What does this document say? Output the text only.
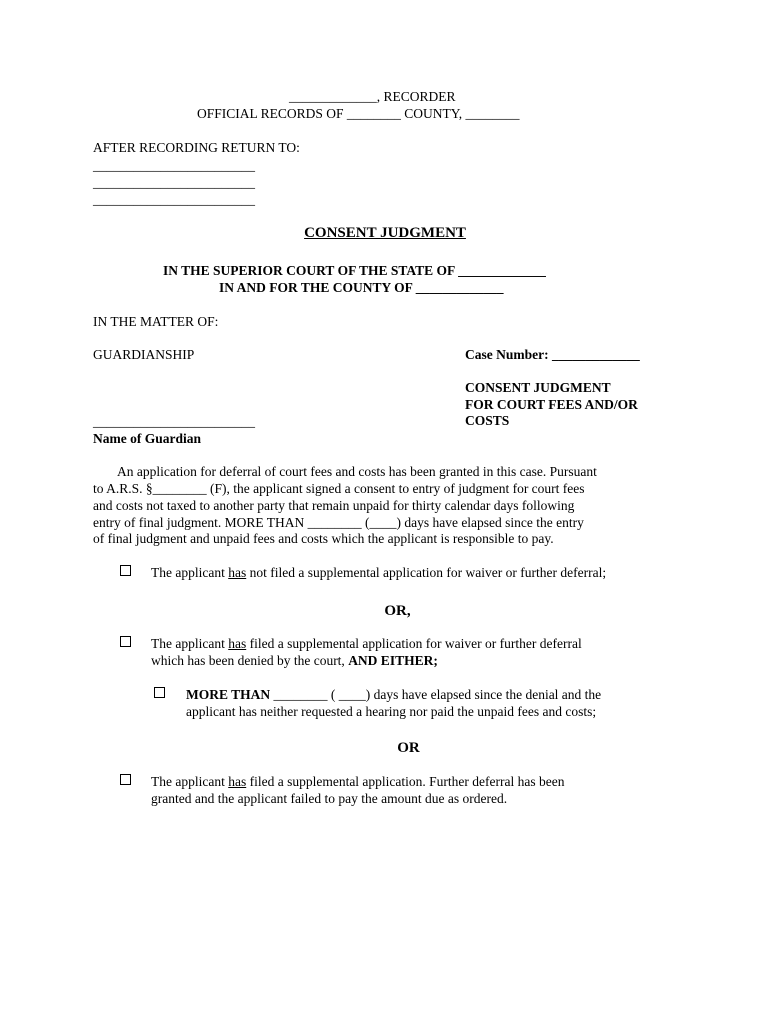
_____________, RECORDER
OFFICIAL RECORDS OF ________ COUNTY, ________
AFTER RECORDING RETURN TO:
________________________
________________________
________________________
CONSENT JUDGMENT
IN THE SUPERIOR COURT OF THE STATE OF _____________
IN AND FOR THE COUNTY OF _____________
IN THE MATTER OF:
GUARDIANSHIP	Case Number: _____________
CONSENT JUDGMENT
FOR COURT FEES AND/OR
COSTS
________________________
Name of Guardian
An application for deferral of court fees and costs has been granted in this case. Pursuant
to A.R.S. §________ (F), the applicant signed a consent to entry of judgment for court fees
and costs not taxed to another party that remain unpaid for thirty calendar days following
entry of final judgment. MORE THAN ________ (____) days have elapsed since the entry
of final judgment and unpaid fees and costs which the applicant is responsible to pay.
The applicant has not filed a supplemental application for waiver or further deferral;
OR,
The applicant has filed a supplemental application for waiver or further deferral
which has been denied by the court, AND EITHER;
MORE THAN ________ ( ____) days have elapsed since the denial and the
applicant has neither requested a hearing nor paid the unpaid fees and costs;
OR
The applicant has filed a supplemental application. Further deferral has been
granted and the applicant failed to pay the amount due as ordered.
